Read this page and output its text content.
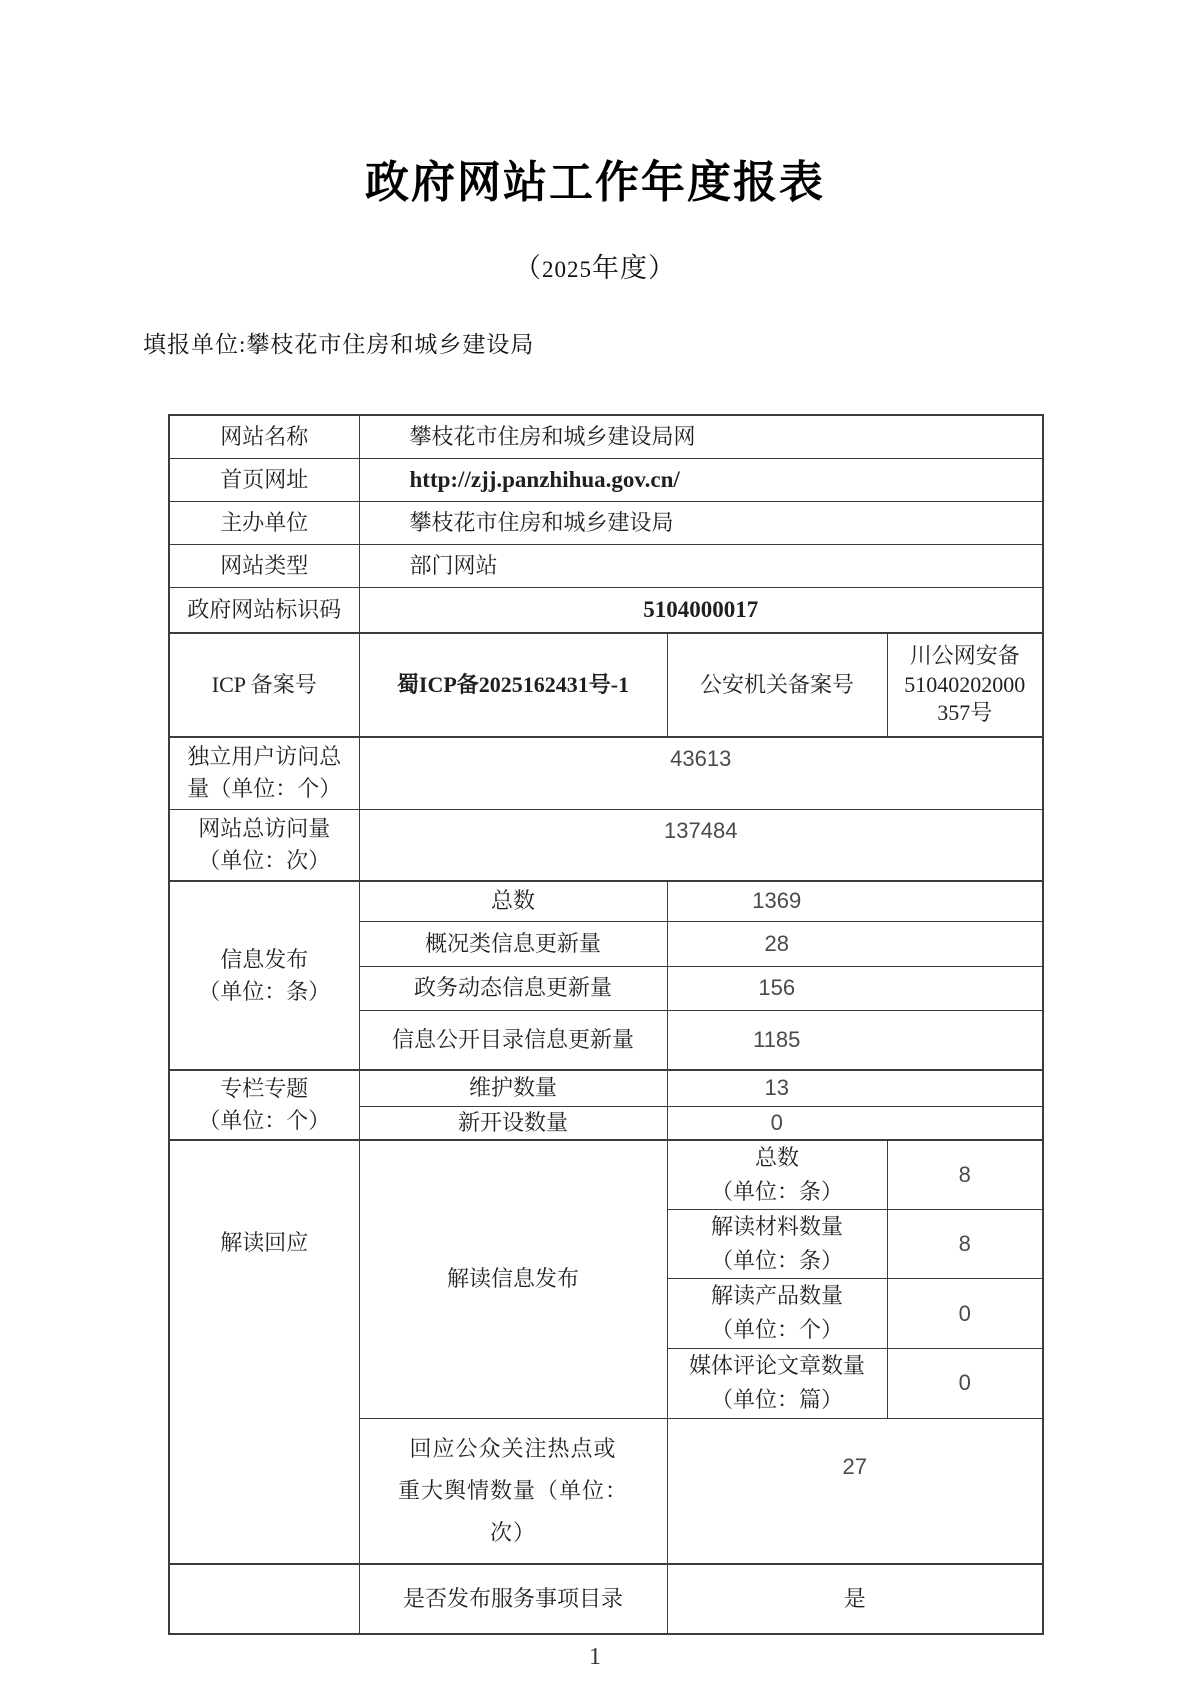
政府网站工作年度报表
（2025年度）
填报单位:攀枝花市住房和城乡建设局
网站名称	攀枝花市住房和城乡建设局网		
首页网址	http://zjj.panzhihua.gov.cn/		
主办单位	攀枝花市住房和城乡建设局		
网站类型	部门网站		
政府网站标识码	5104000017		
ICP 备案号	蜀ICP备2025162431号-1	公安机关备案号	川公网安备
51040202000
357号
独立用户访问总
量（单位：个）	43613		
网站总访问量
（单位：次）	137484		
信息发布
（单位：条）	总数	1369	
	概况类信息更新量	28	
	政务动态信息更新量	156	
	信息公开目录信息更新量	1185	
专栏专题
（单位：个）	维护数量	13	
	新开设数量	0	
解读回应	解读信息发布	总数
（单位：条）	8
		解读材料数量
（单位：条）	8
		解读产品数量
（单位：个）	0
		媒体评论文章数量
（单位：篇）	0
	回应公众关注热点或
重大舆情数量（单位：
次）	27	
	是否发布服务事项目录	是	
1
